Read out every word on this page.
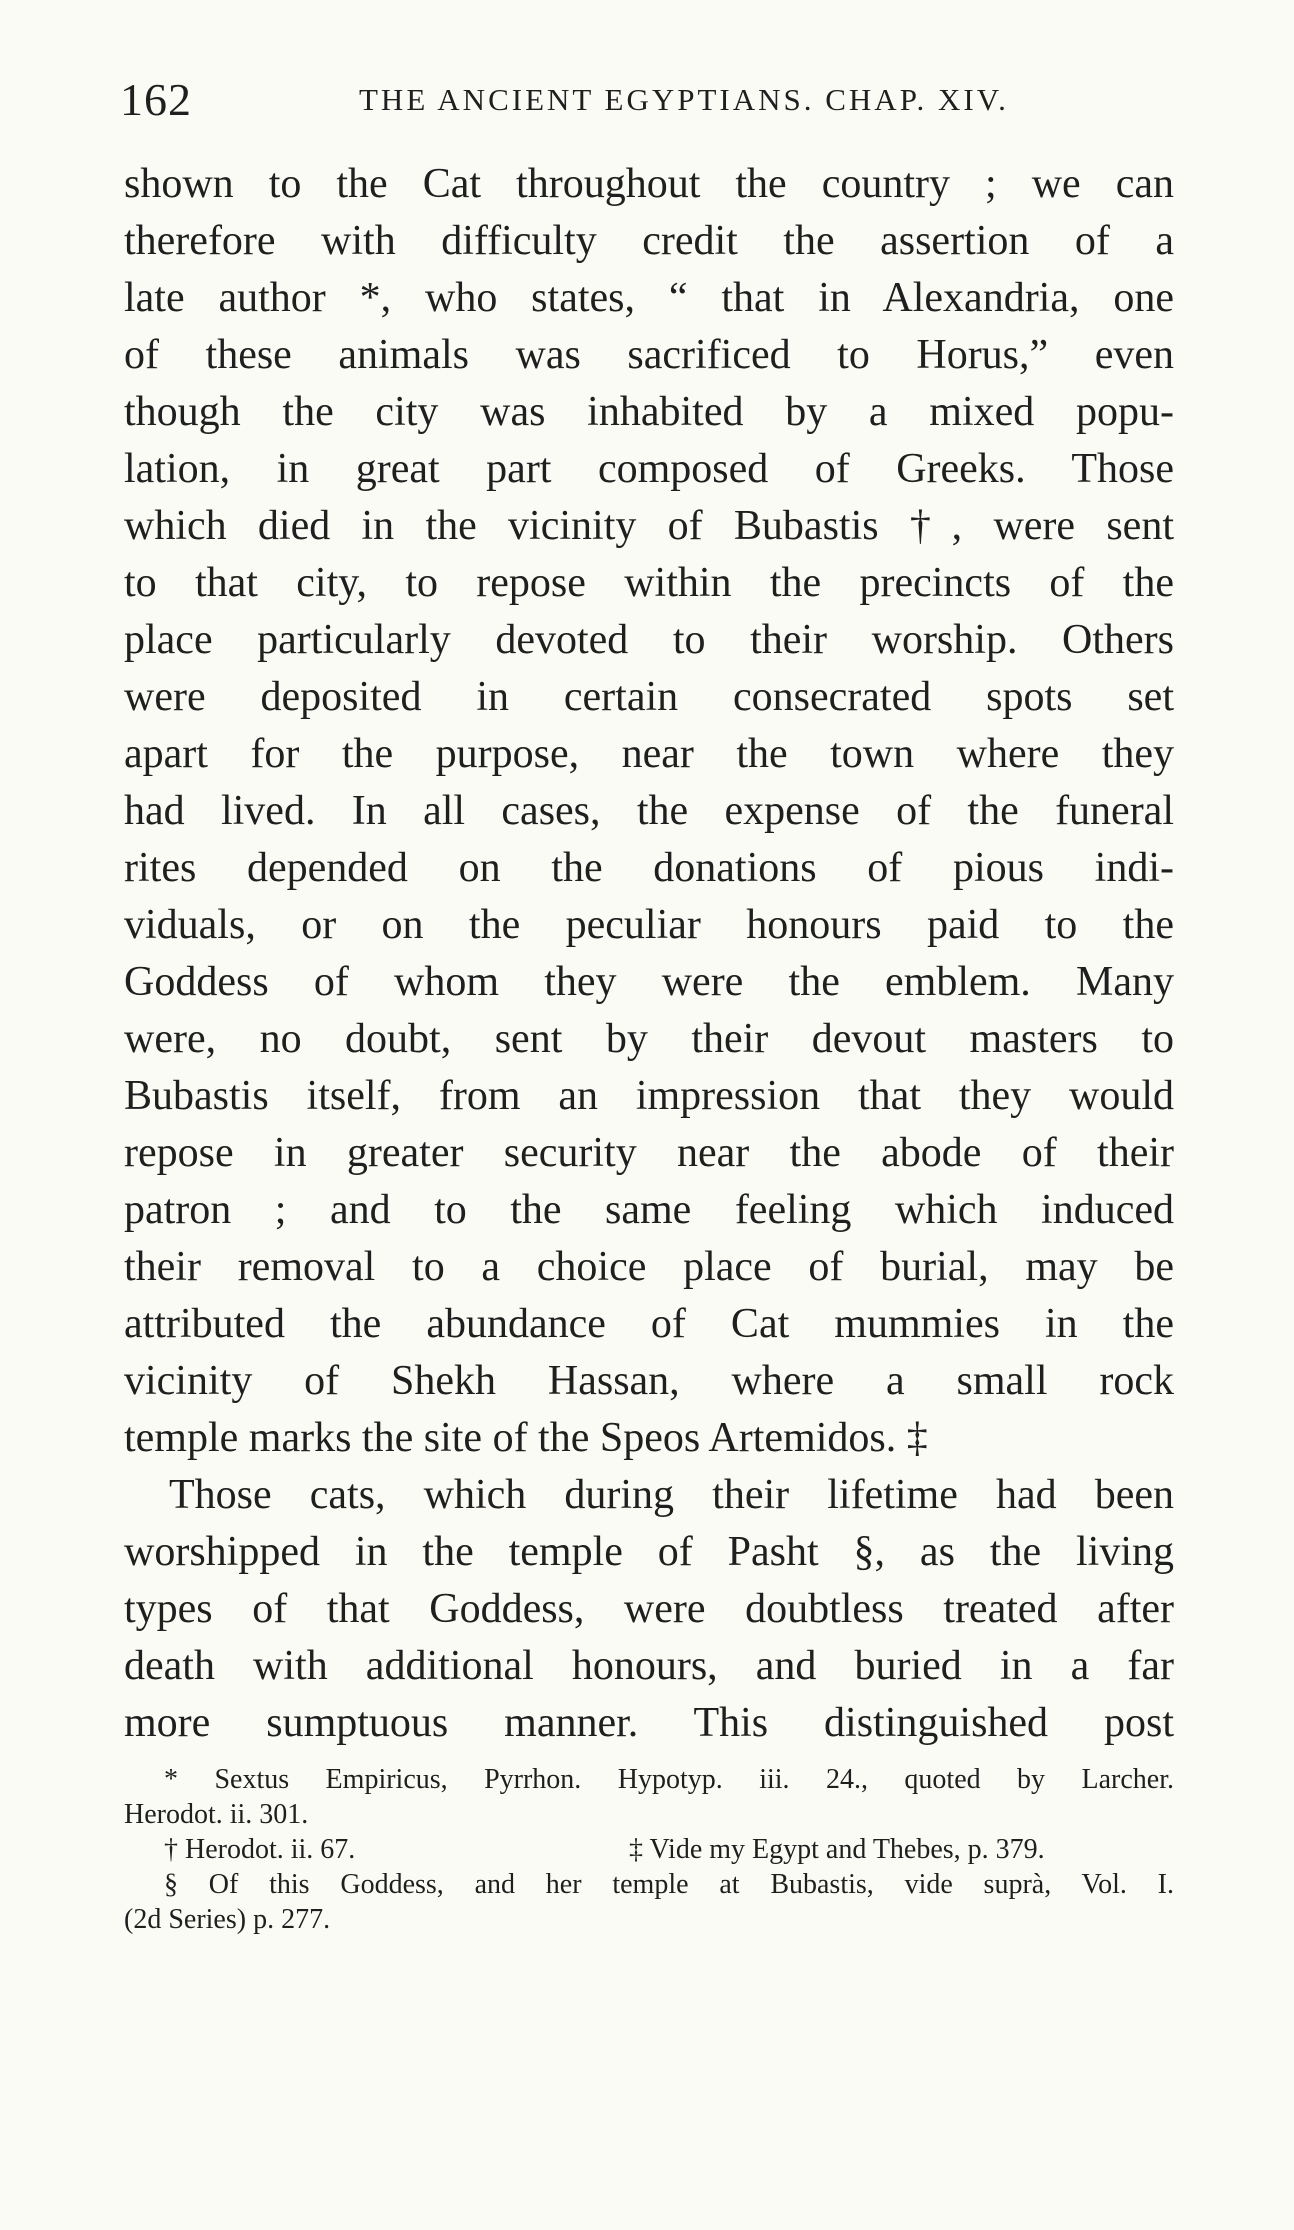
162	THE ANCIENT EGYPTIANS. CHAP. XIV.
shown to the Cat throughout the country ; we can
therefore with difficulty credit the assertion of a
late author *, who states, “ that in Alexandria, one
of these animals was sacrificed to Horus,” even
though the city was inhabited by a mixed popu-
lation, in great part composed of Greeks. Those
which died in the vicinity of Bubastis †, were sent
to that city, to repose within the precincts of the
place particularly devoted to their worship. Others
were deposited in certain consecrated spots set
apart for the purpose, near the town where they
had lived. In all cases, the expense of the funeral
rites depended on the donations of pious indi-
viduals, or on the peculiar honours paid to the
Goddess of whom they were the emblem. Many
were, no doubt, sent by their devout masters to
Bubastis itself, from an impression that they would
repose in greater security near the abode of their
patron ; and to the same feeling which induced
their removal to a choice place of burial, may be
attributed the abundance of Cat mummies in the
vicinity of Shekh Hassan, where a small rock
temple marks the site of the Speos Artemidos. ‡
Those cats, which during their lifetime had been
worshipped in the temple of Pasht §, as the living
types of that Goddess, were doubtless treated after
death with additional honours, and buried in a far
more sumptuous manner. This distinguished post
* Sextus Empiricus, Pyrrhon. Hypotyp. iii. 24., quoted by Larcher.
Herodot. ii. 301.
† Herodot. ii. 67.	‡ Vide my Egypt and Thebes, p. 379.
§ Of this Goddess, and her temple at Bubastis, vide suprà, Vol. I.
(2d Series) p. 277.
